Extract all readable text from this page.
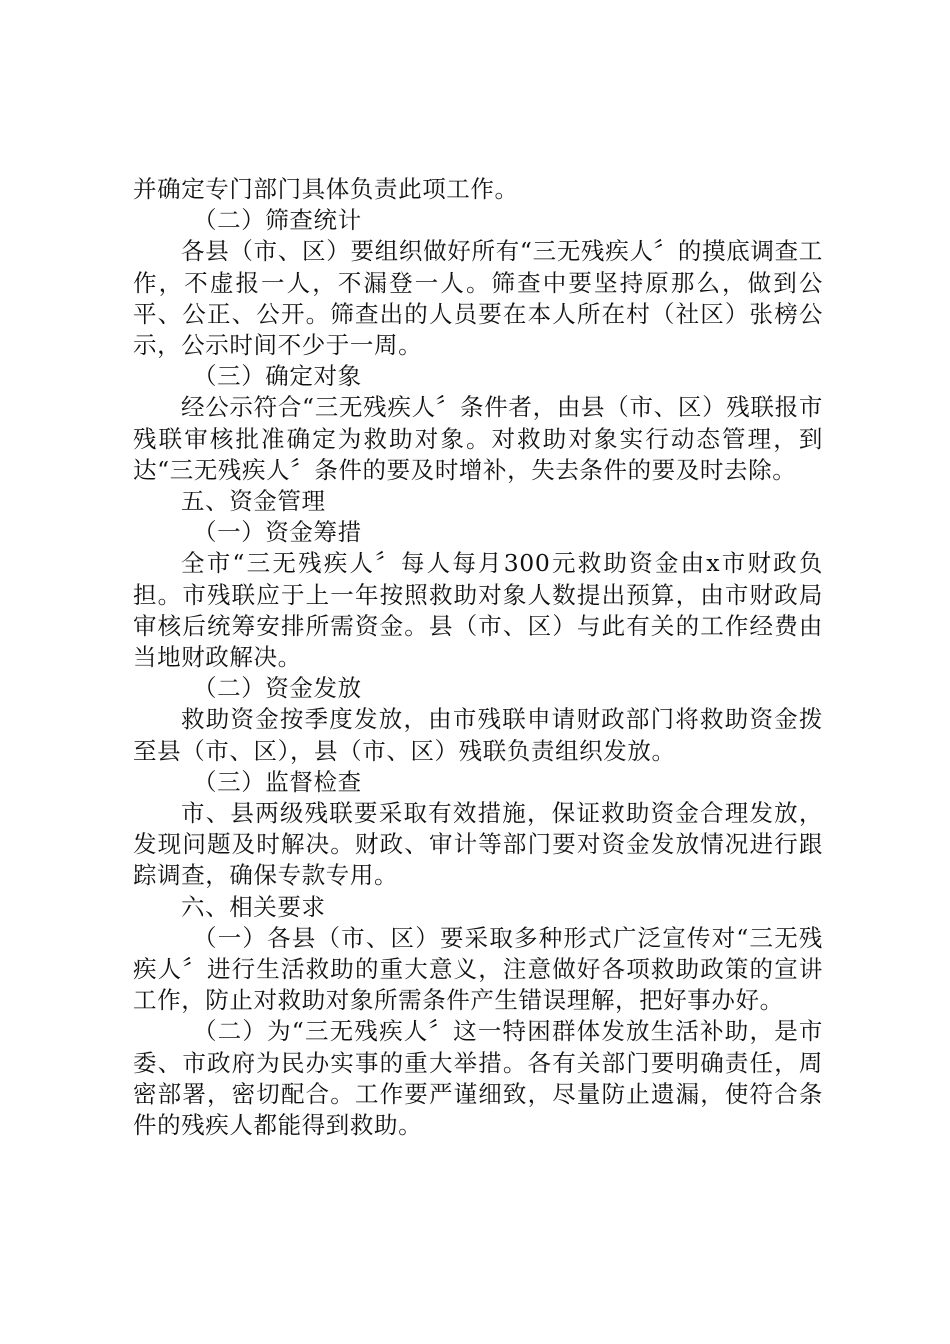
并确定专门部门具体负责此项工作。

（二）筛查统计

各县（市、区）要组织做好所有“三无残疾人〞的摸底调查工作，不虚报一人，不漏登一人。筛查中要坚持原那么，做到公平、公正、公开。筛查出的人员要在本人所在村（社区）张榜公示，公示时间不少于一周。

（三）确定对象

经公示符合“三无残疾人〞条件者，由县（市、区）残联报市残联审核批准确定为救助对象。对救助对象实行动态管理，到达“三无残疾人〞条件的要及时增补，失去条件的要及时去除。

五、资金管理

（一）资金筹措

全市“三无残疾人〞每人每月300元救助资金由x市财政负担。市残联应于上一年按照救助对象人数提出预算，由市财政局审核后统筹安排所需资金。县（市、区）与此有关的工作经费由当地财政解决。

（二）资金发放

救助资金按季度发放，由市残联申请财政部门将救助资金拨至县（市、区），县（市、区）残联负责组织发放。

（三）监督检查

市、县两级残联要采取有效措施，保证救助资金合理发放，发现问题及时解决。财政、审计等部门要对资金发放情况进行跟踪调查，确保专款专用。

六、相关要求

（一）各县（市、区）要采取多种形式广泛宣传对“三无残疾人〞进行生活救助的重大意义，注意做好各项救助政策的宣讲工作，防止对救助对象所需条件产生错误理解，把好事办好。

（二）为“三无残疾人〞这一特困群体发放生活补助，是市委、市政府为民办实事的重大举措。各有关部门要明确责任，周密部署，密切配合。工作要严谨细致，尽量防止遗漏，使符合条件的残疾人都能得到救助。
